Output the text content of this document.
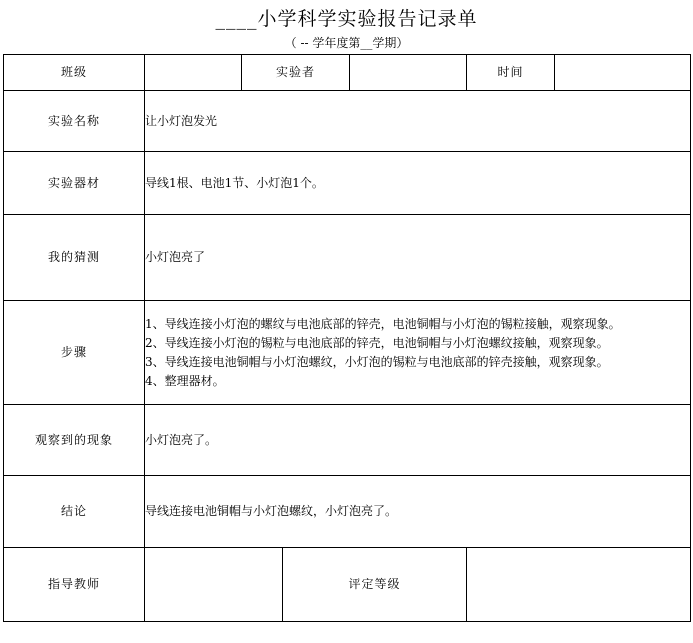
____小学科学实验报告记录单
（ -- 学年度第__学期）
班级		实验者			时间	
实验名称	让小灯泡发光					
实验器材	导线1根、电池1节、小灯泡1个。					
我的猜测	小灯泡亮了					
步骤	1、导线连接小灯泡的螺纹与电池底部的锌壳，电池铜帽与小灯泡的锡粒接触，观察现象。
2、导线连接小灯泡的锡粒与电池底部的锌壳，电池铜帽与小灯泡螺纹接触，观察现象。
3、导线连接电池铜帽与小灯泡螺纹，小灯泡的锡粒与电池底部的锌壳接触，观察现象。
4、整理器材。					

观察到的现象	小灯泡亮了。					
结论	导线连接电池铜帽与小灯泡螺纹，小灯泡亮了。					
指导教师			评定等级			
